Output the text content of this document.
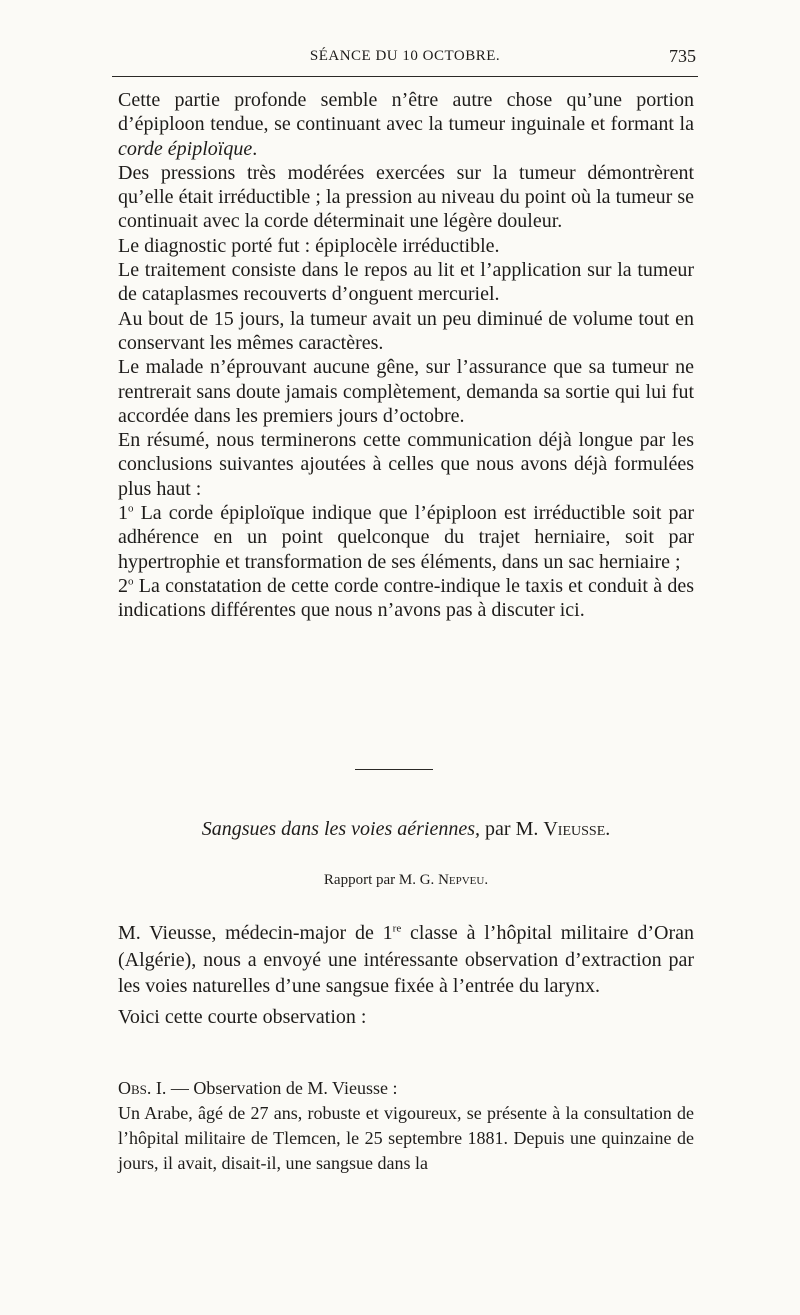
SÉANCE DU 10 OCTOBRE.	735

Cette partie profonde semble n’être autre chose qu’une portion d’épiploon tendue, se continuant avec la tumeur inguinale et formant la corde épiploïque.

Des pressions très modérées exercées sur la tumeur démontrèrent qu’elle était irréductible ; la pression au niveau du point où la tumeur se continuait avec la corde déterminait une légère douleur.

Le diagnostic porté fut : épiplocèle irréductible.

Le traitement consiste dans le repos au lit et l’application sur la tumeur de cataplasmes recouverts d’onguent mercuriel.

Au bout de 15 jours, la tumeur avait un peu diminué de volume tout en conservant les mêmes caractères.

Le malade n’éprouvant aucune gêne, sur l’assurance que sa tumeur ne rentrerait sans doute jamais complètement, demanda sa sortie qui lui fut accordée dans les premiers jours d’octobre.

En résumé, nous terminerons cette communication déjà longue par les conclusions suivantes ajoutées à celles que nous avons déjà formulées plus haut :

1$^o$ La corde épiploïque indique que l’épiploon est irréductible soit par adhérence en un point quelconque du trajet herniaire, soit par hypertrophie et transformation de ses éléments, dans un sac herniaire ;

2$^o$ La constatation de cette corde contre-indique le taxis et conduit à des indications différentes que nous n’avons pas à discuter ici.

Sangsues dans les voies aériennes, par M. Vieusse.
Rapport par M. G. Nepveu.

M. Vieusse, médecin-major de 1re classe à l’hôpital militaire d’Oran (Algérie), nous a envoyé une intéressante observation d’extraction par les voies naturelles d’une sangsue fixée à l’entrée du larynx.

Voici cette courte observation :

Obs. I. — Observation de M. Vieusse :

Un Arabe, âgé de 27 ans, robuste et vigoureux, se présente à la consultation de l’hôpital militaire de Tlemcen, le 25 septembre 1881. Depuis une quinzaine de jours, il avait, disait-il, une sangsue dans la
